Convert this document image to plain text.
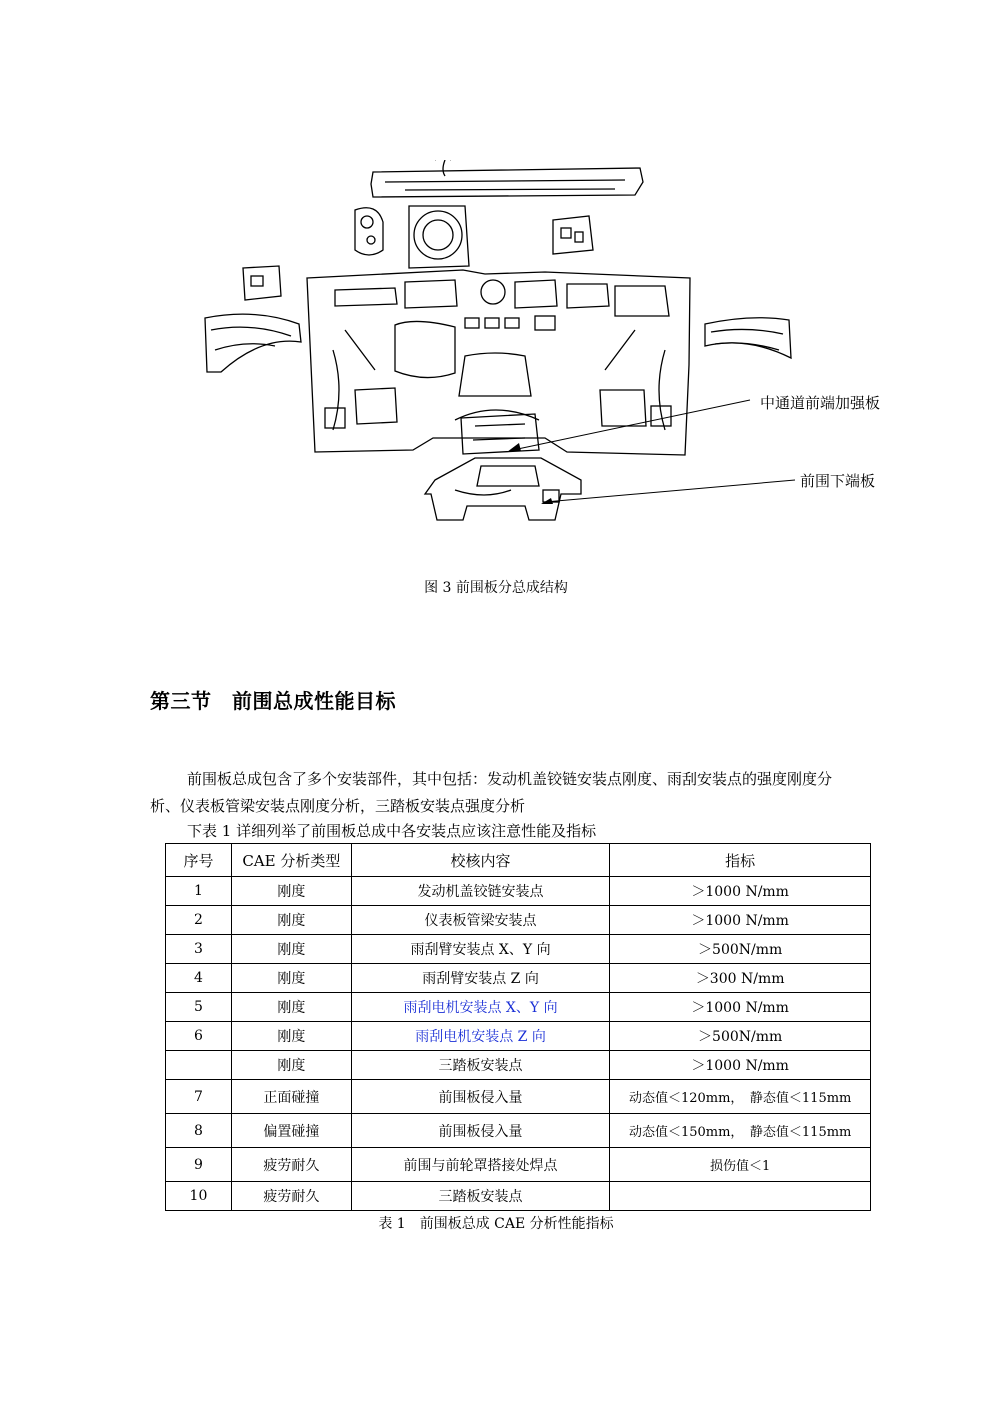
中通道前端加强板
前围下端板
图 3 前围板分总成结构
第三节　前围总成性能目标
前围板总成包含了多个安装部件，其中包括：发动机盖铰链安装点刚度、雨刮安装点的强度刚度分析、仪表板管梁安装点刚度分析，三踏板安装点强度分析
下表 1 详细列举了前围板总成中各安装点应该注意性能及指标
序号	CAE 分析类型	校核内容	指标
1	刚度	发动机盖铰链安装点	＞1000 N/mm
2	刚度	仪表板管梁安装点	＞1000 N/mm
3	刚度	雨刮臂安装点 X、Y 向	＞500N/mm
4	刚度	雨刮臂安装点 Z 向	＞300 N/mm
5	刚度	雨刮电机安装点 X、Y 向	＞1000 N/mm
6	刚度	雨刮电机安装点 Z 向	＞500N/mm
	刚度	三踏板安装点	＞1000 N/mm
7	正面碰撞	前围板侵入量	动态值＜120mm，　静态值＜115mm
8	偏置碰撞	前围板侵入量	动态值＜150mm，　静态值＜115mm
9	疲劳耐久	前围与前轮罩搭接处焊点	损伤值＜1
10	疲劳耐久	三踏板安装点	
表 1　前围板总成 CAE 分析性能指标
